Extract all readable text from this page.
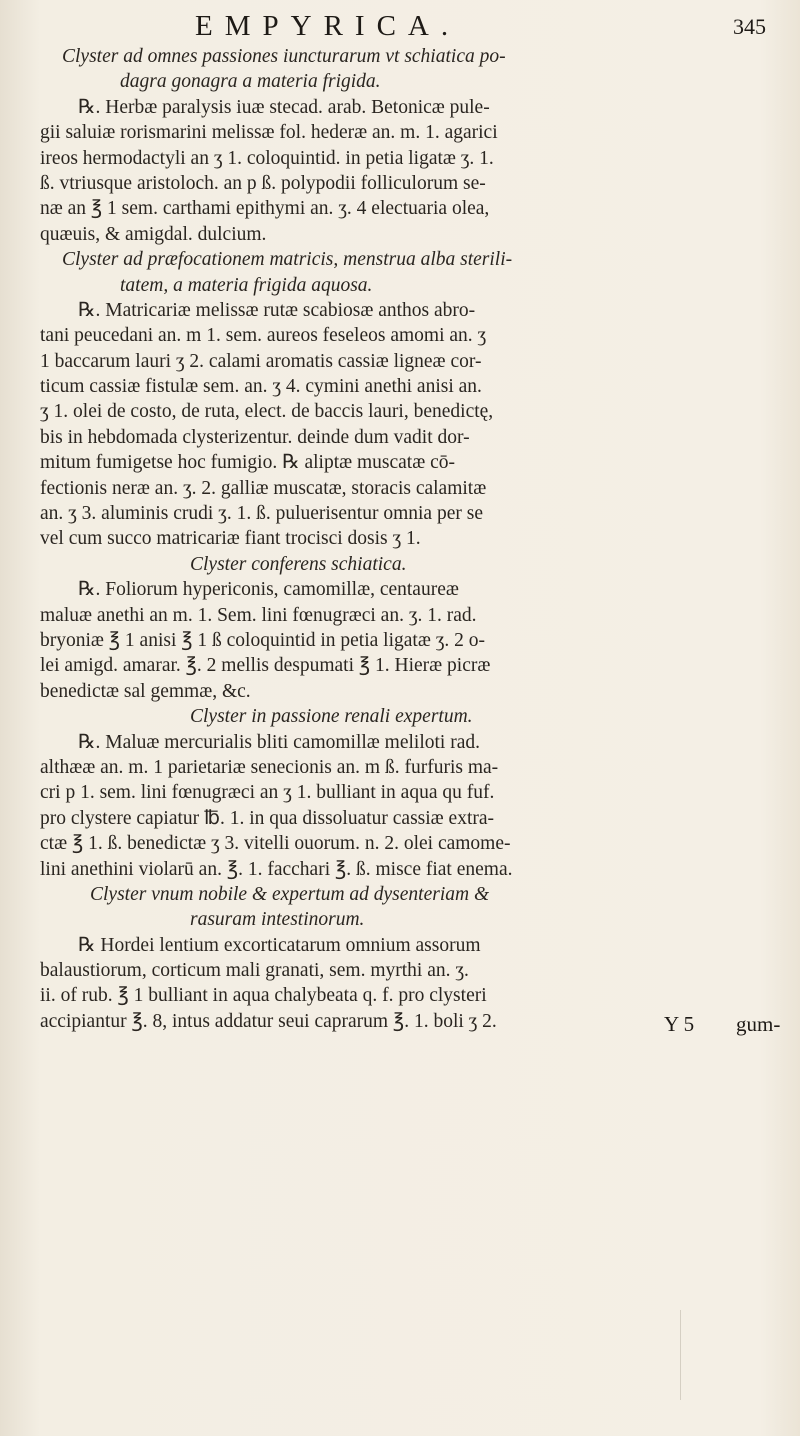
EMPYRICA.	345
Clyster ad omnes passiones iuncturarum vt schiatica po-
dagra gonagra a materia frigida.
℞. Herbæ paralysis iuæ stecad. arab. Betonicæ pule-
gii saluiæ rorismarini melissæ fol. hederæ an. m. 1. agarici
ireos hermodactyli an ʒ 1. coloquintid. in petia ligatæ ʒ. 1.
ß. vtriusque aristoloch. an p ß. polypodii folliculorum se-
næ an ℥ 1 sem. carthami epithymi an. ʒ. 4 electuaria olea,
quæuis, & amigdal. dulcium.
Clyster ad præfocationem matricis, menstrua alba sterili-
tatem, a materia frigida aquosa.
℞. Matricariæ melissæ rutæ scabiosæ anthos abro-
tani peucedani an. m 1. sem. aureos feseleos amomi an. ʒ
1 baccarum lauri ʒ 2. calami aromatis cassiæ ligneæ cor-
ticum cassiæ fistulæ sem. an. ʒ 4. cymini anethi anisi an.
ʒ 1. olei de costo, de ruta, elect. de baccis lauri, benedictę,
bis in hebdomada clysterizentur. deinde dum vadit dor-
mitum fumigetse hoc fumigio. ℞ aliptæ muscatæ cō-
fectionis neræ an. ʒ. 2. galliæ muscatæ, storacis calamitæ
an. ʒ 3. aluminis crudi ʒ. 1. ß. puluerisentur omnia per se
vel cum succo matricariæ fiant trocisci dosis ʒ 1.
Clyster conferens schiatica.
℞. Foliorum hypericonis, camomillæ, centaureæ
maluæ anethi an m. 1. Sem. lini fœnugræci an. ʒ. 1. rad.
bryoniæ ℥ 1 anisi ℥ 1 ß coloquintid in petia ligatæ ʒ. 2 o-
lei amigd. amarar. ℥. 2 mellis despumati ℥ 1. Hieræ picræ
benedictæ sal gemmæ, &c.
Clyster in passione renali expertum.
℞. Maluæ mercurialis bliti camomillæ meliloti rad.
althææ an. m. 1 parietariæ senecionis an. m ß. furfuris ma-
cri p 1. sem. lini fœnugræci an ʒ 1. bulliant in aqua qu fuf.
pro clystere capiatur ℔. 1. in qua dissoluatur cassiæ extra-
ctæ ℥ 1. ß. benedictæ ʒ 3. vitelli ouorum. n. 2. olei camome-
lini anethini violarū an. ℥. 1. facchari ℥. ß. misce fiat enema.
Clyster vnum nobile & expertum ad dysenteriam &
rasuram intestinorum.
℞ Hordei lentium excorticatarum omnium assorum
balaustiorum, corticum mali granati, sem. myrthi an. ʒ.
ii. of rub. ℥ 1 bulliant in aqua chalybeata q. f. pro clysteri
accipiantur ℥. 8, intus addatur seui caprarum ℥. 1. boli ʒ 2.	Y 5 gum-
